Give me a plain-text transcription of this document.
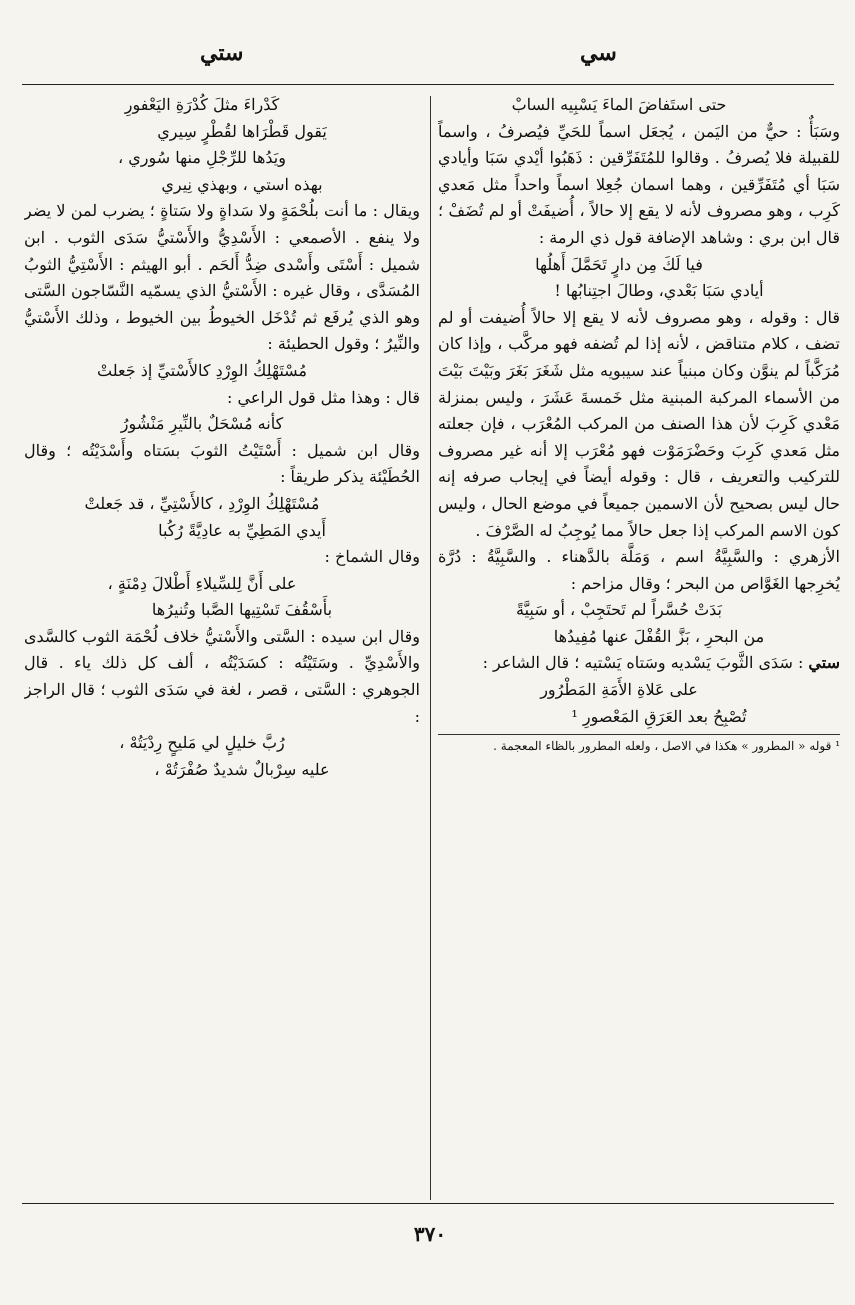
سي
ستي

حتى استَفاضَ الماءَ يَسْبِيه السابْ

وسَبَأٌ : حيٌّ من اليَمن ، يُجعَل اسماً للحَيِّ فيُصرفُ ، واسماً للقبيلة فلا يُصرفُ . وقالوا للمُتَفَرِّقين : ذَهَبُوا أيْدي سَبَا وأيادي سَبَا أي مُتَفَرِّقين ، وهما اسمان جُعِلا اسماً واحداً مثل مَعدي كَرِب ، وهو مصروف لأنه لا يقع إلا حالاً ، أُضيفَتْ أو لم تُضَفْ ؛ قال ابن بري : وشاهد الإضافة قول ذي الرمة :

فيا لَكَ مِن دارٍ تَحَمَّلَ أَهلُها

أيادي سَبَا بَعْدي، وطالَ اجتِنابُها !

قال : وقوله ، وهو مصروف لأنه لا يقع إلا حالاً أُضيفت أو لم تضف ، كلام متناقض ، لأنه إذا لم تُضفه فهو مركَّب ، وإذا كان مُرَكَّباً لم ينوَّن وكان مبنياً عند سيبويه مثل شَغَرَ بَغَرَ وبَيْتَ بَيْتَ من الأسماء المركبة المبنية مثل خَمسةَ عَشَرَ ، وليس بمنزلة مَعْدي كَرِبَ لأن هذا الصنف من المركب المُعْرَب ، فإن جعلته مثل مَعدي كَرِبَ وحَضْرَمَوْت فهو مُعْرَب إلا أنه غير مصروف للتركيب والتعريف ، قال : وقوله أيضاً في إيجاب صرفه إنه حال ليس بصحيح لأن الاسمين جميعاً في موضع الحال ، وليس كون الاسم المركب إذا جعل حالاً مما يُوجِبُ له الصَّرْفَ .

الأزهري : والسَّبِيَّةُ اسم ، وَمَلَّة بالدَّهناء . والسَّبِيَّةُ : دُرَّة يُخرِجها الغَوَّاص من البحر ؛ وقال مزاحم :

بَدَتْ حُسَّراً لم تَحتَجِبْ ، أو سَبِيَّةً

من البحرِ ، بَزَّ القُفْلَ عنها مُفِيدُها

ستي : سَدَى الثَّوبَ يَسْديه وسَتاه يَسْتيه ؛ قال الشاعر :

على عَلاةِ الأَمَةِ المَطْرُور

تُصْبِحُ بعد العَرَقِ المَعْصورِ ¹

¹ قوله « المطرور » هكذا في الاصل ، ولعله المطرور بالظاء المعجمة .

كَدْراءَ مثلَ كُدْرَةِ اليَعْفورِ

يَقول قَطْرَاها لقُطْرٍ سِيري

ويَدُها للرِّجْلِ منها سُوري ،

بهذه استي ، وبهذي نِيري

ويقال : ما أنت بلُحْمَةٍ ولا سَداةٍ ولا سَتاةٍ ؛ يضرب لمن لا يضر ولا ينفع . الأصمعي : الأَسْدِيُّ والأَسْتيُّ سَدَى الثوب . ابن شميل : أَسْتَى وأَسْدى ضِدُّ أَلحَم . أبو الهيثم : الأَسْتِيُّ الثوبُ المُسَدَّى ، وقال غيره : الأَسْتيُّ الذي يسمّيه النَّسّاجون السَّتى وهو الذي يُرفَع ثم تُدْخَل الخيوطُ بين الخيوط ، وذلك الأَسْتيُّ والنِّيرُ ؛ وقول الحطيئة :

مُسْتَهْلِكُ الوِرْدِ كالأَسْتيِّ إذ جَعلتْ

قال : وهذا مثل قول الراعي :

كأنه مُسْحَلٌ بالنِّيرِ مَنْشُورُ

وقال ابن شميل : أَسْتَيْتُ الثوبَ بسَتاه وأَسْدَيْتُه ؛ وقال الحُطَيْئة يذكر طريقاً :

مُسْتَهْلِكُ الوِرْدِ ، كالأَسْتِيِّ ، قد جَعلتْ

أَيدي المَطِيِّ به عادِيَّةً رُكُبا

وقال الشماخ :

على أَنَّ لِلسِّيلاءِ أَطْلالَ دِمْنَةٍ ،

بأَسْقُفَ تَسْتِيها الصَّبا وتُنيرُها

وقال ابن سيده : السَّتى والأَسْتيُّ خلاف لُحْمَة الثوب كالسَّدى والأَسْدِيِّ . وسَتَيْتُه : كسَدَيْتُه ، ألف كل ذلك ياء . قال الجوهري : السَّتى ، قصر ، لغة في سَدَى الثوب ؛ قال الراجز :

رُبَّ خليلٍ لي مَليحٍ رِدْيَتُهْ ،

عليه سِرْبالٌ شديدٌ صُفْرَتُهْ ،

٣٧٠
